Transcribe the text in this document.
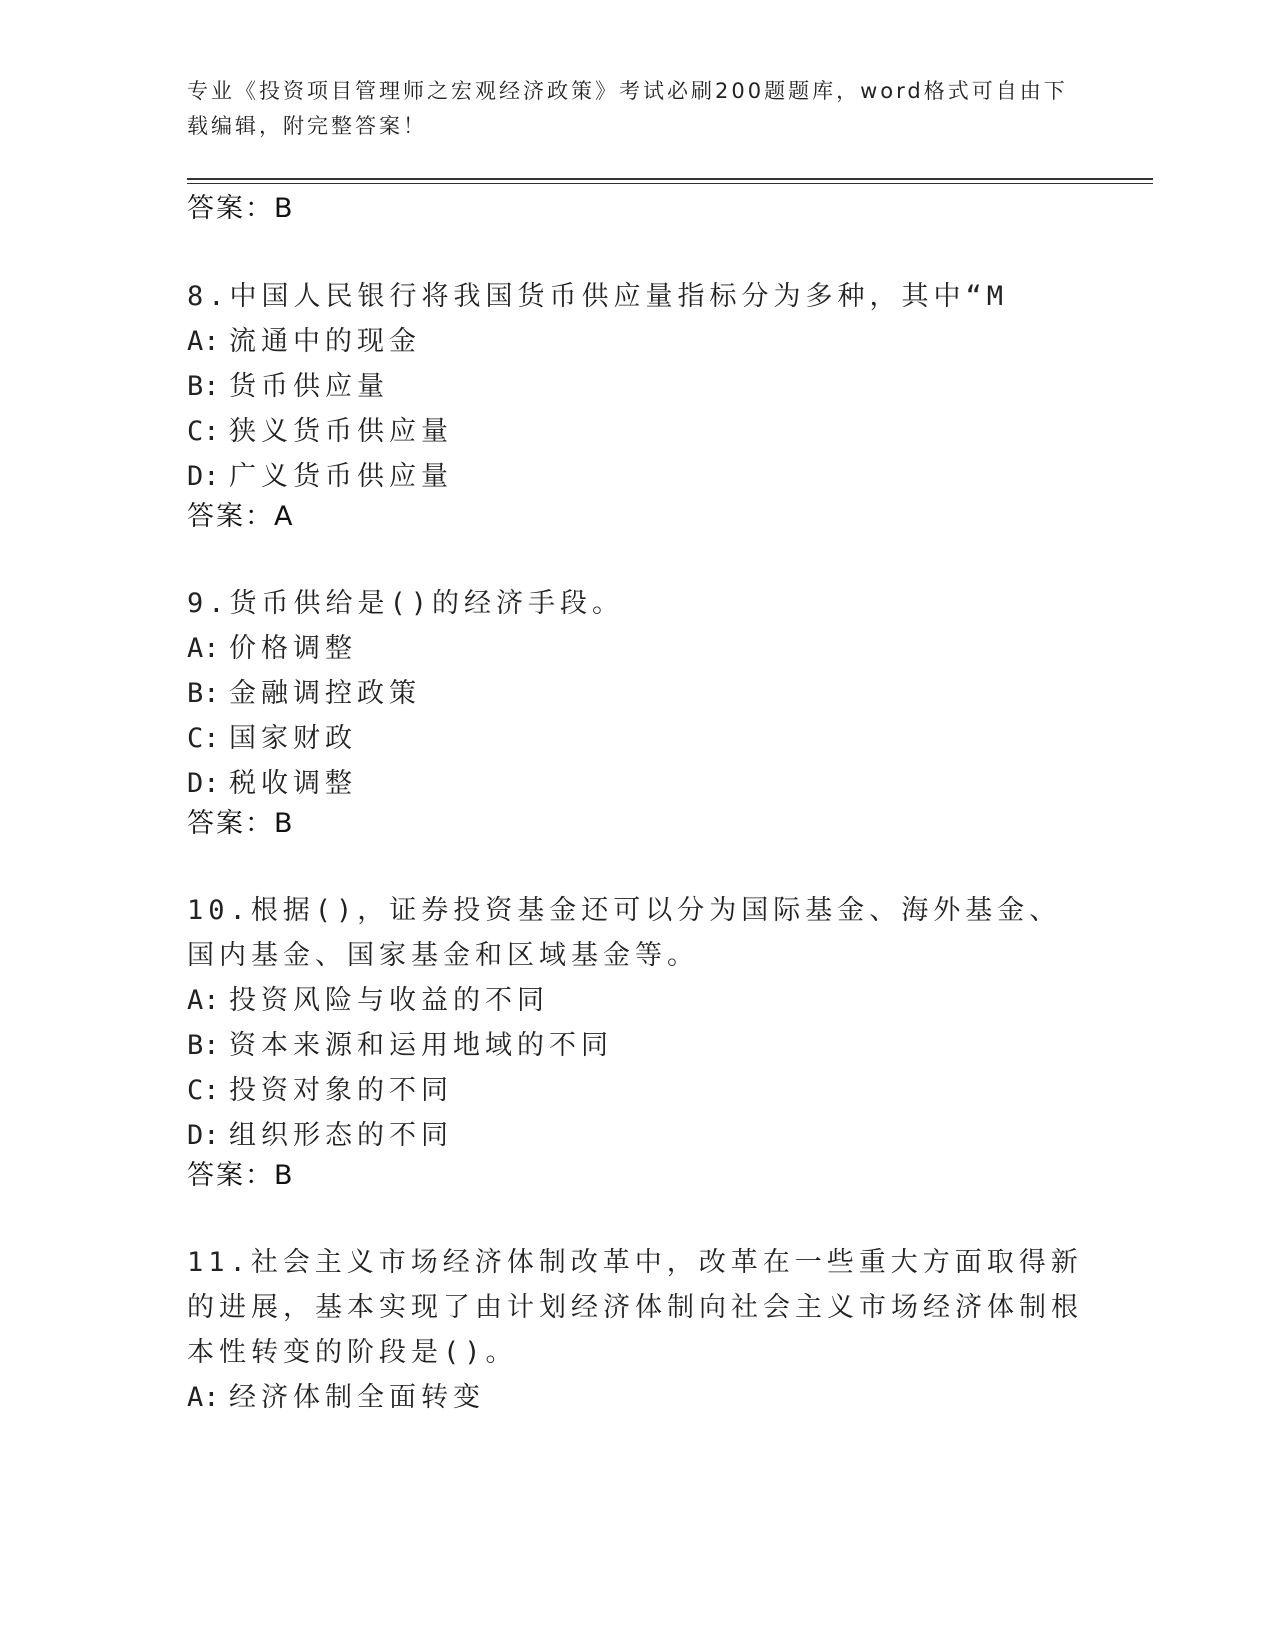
专业《投资项目管理师之宏观经济政策》考试必刷200题题库，word格式可自由下载编辑，附完整答案！

答案：B

8.中国人民银行将我国货币供应量指标分为多种，其中“M

A: 流通中的现金
B: 货币供应量
C: 狭义货币供应量
D: 广义货币供应量

答案：A

9.货币供给是()的经济手段。

A: 价格调整
B: 金融调控政策
C: 国家财政
D: 税收调整

答案：B

10.根据()，证券投资基金还可以分为国际基金、海外基金、国内基金、国家基金和区域基金等。

A: 投资风险与收益的不同
B: 资本来源和运用地域的不同
C: 投资对象的不同
D: 组织形态的不同

答案：B

11.社会主义市场经济体制改革中，改革在一些重大方面取得新的进展，基本实现了由计划经济体制向社会主义市场经济体制根本性转变的阶段是()。

A: 经济体制全面转变
